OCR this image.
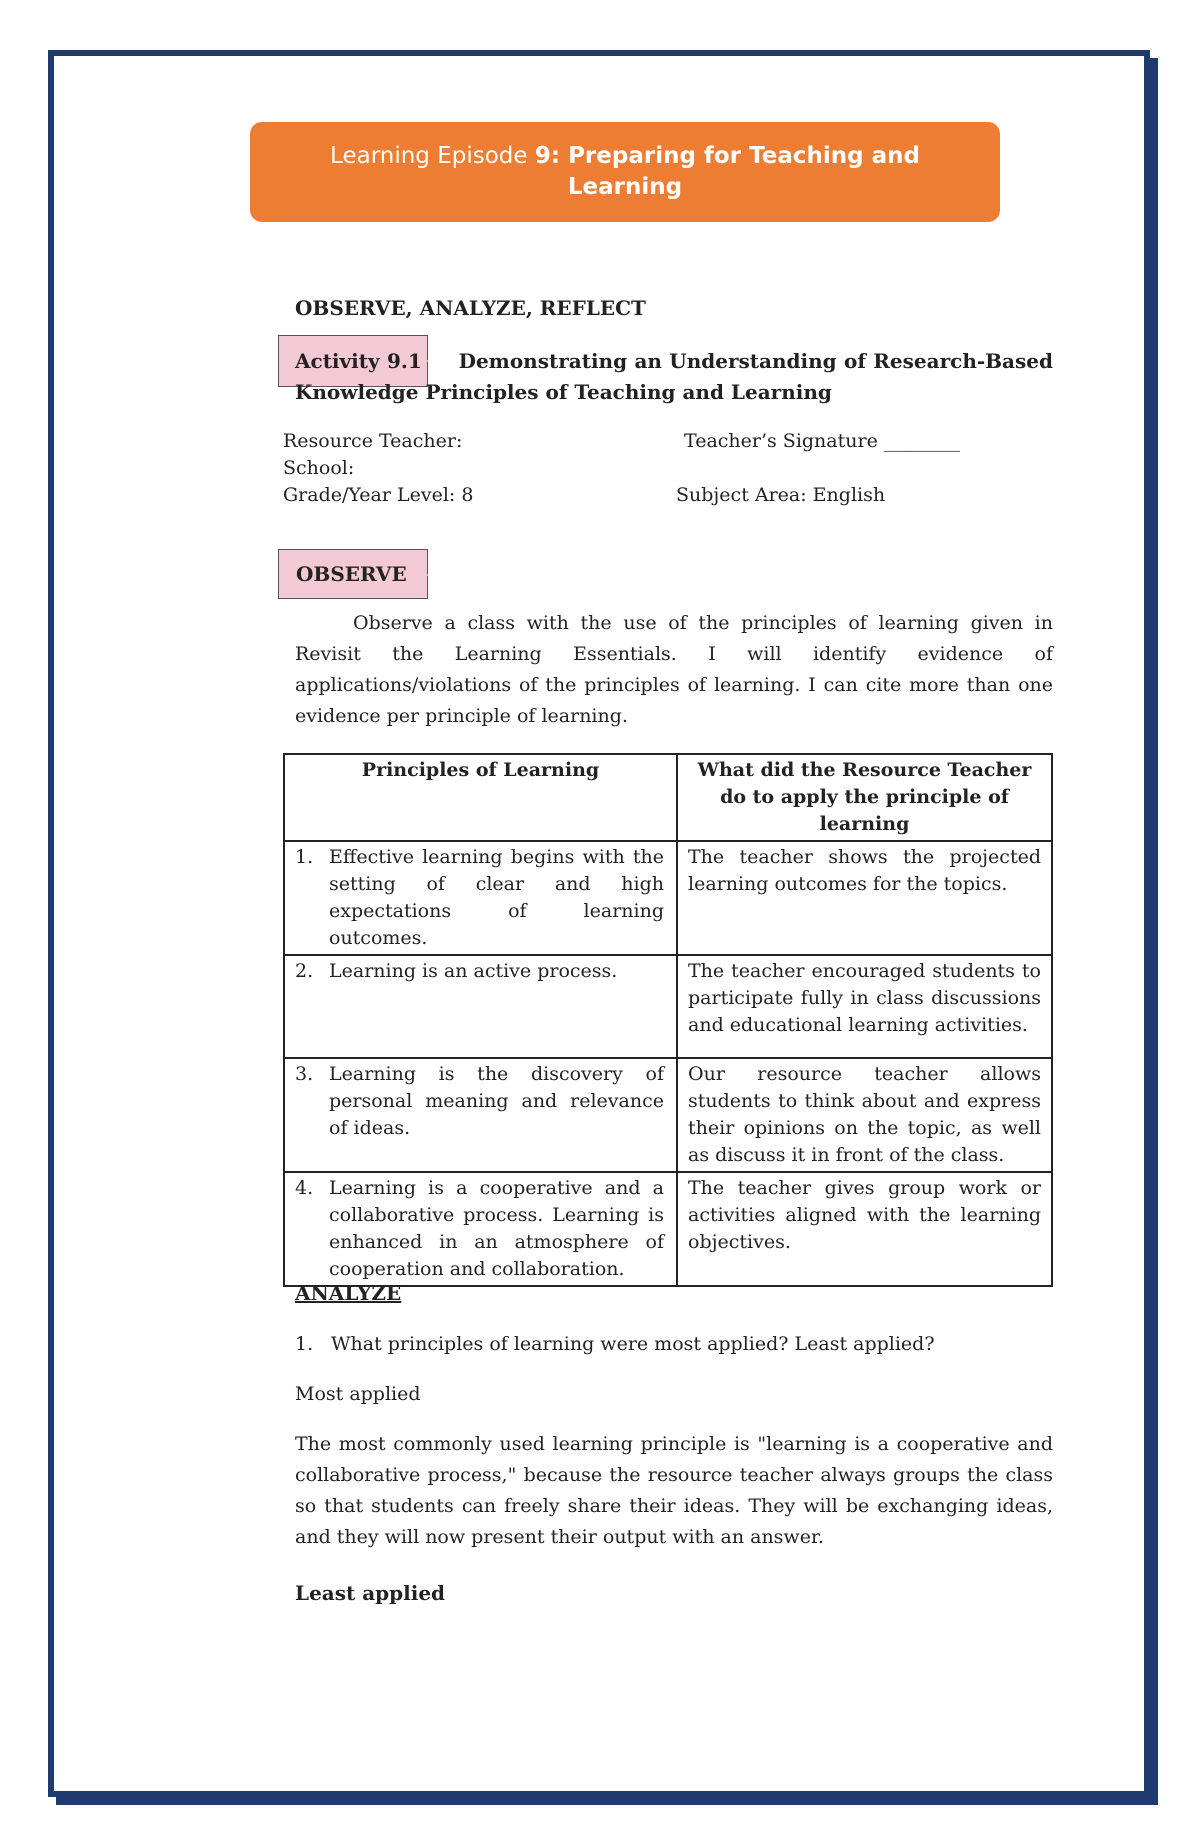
Learning Episode 9: Preparing for Teaching and Learning
OBSERVE, ANALYZE, REFLECT
Activity 9.1 Demonstrating an Understanding of Research-Based Knowledge Principles of Teaching and Learning
Resource Teacher:	Teacher’s Signature ________
School:
Grade/Year Level: 8	Subject Area: English
OBSERVE
Observe a class with the use of the principles of learning given in Revisit the Learning Essentials. I will identify evidence of applications/violations of the principles of learning. I can cite more than one evidence per principle of learning.
Principles of Learning	What did the Resource Teacher do to apply the principle of learning
1. Effective learning begins with the setting of clear and high expectations of learning outcomes.	The teacher shows the projected learning outcomes for the topics.
2. Learning is an active process.	The teacher encouraged students to participate fully in class discussions and educational learning activities.
3. Learning is the discovery of personal meaning and relevance of ideas.	Our resource teacher allows students to think about and express their opinions on the topic, as well as discuss it in front of the class.
4. Learning is a cooperative and a collaborative process. Learning is enhanced in an atmosphere of cooperation and collaboration.	The teacher gives group work or activities aligned with the learning objectives.
ANALYZE
1. What principles of learning were most applied? Least applied?
Most applied
The most commonly used learning principle is "learning is a cooperative and collaborative process," because the resource teacher always groups the class so that students can freely share their ideas. They will be exchanging ideas, and they will now present their output with an answer.
Least applied
